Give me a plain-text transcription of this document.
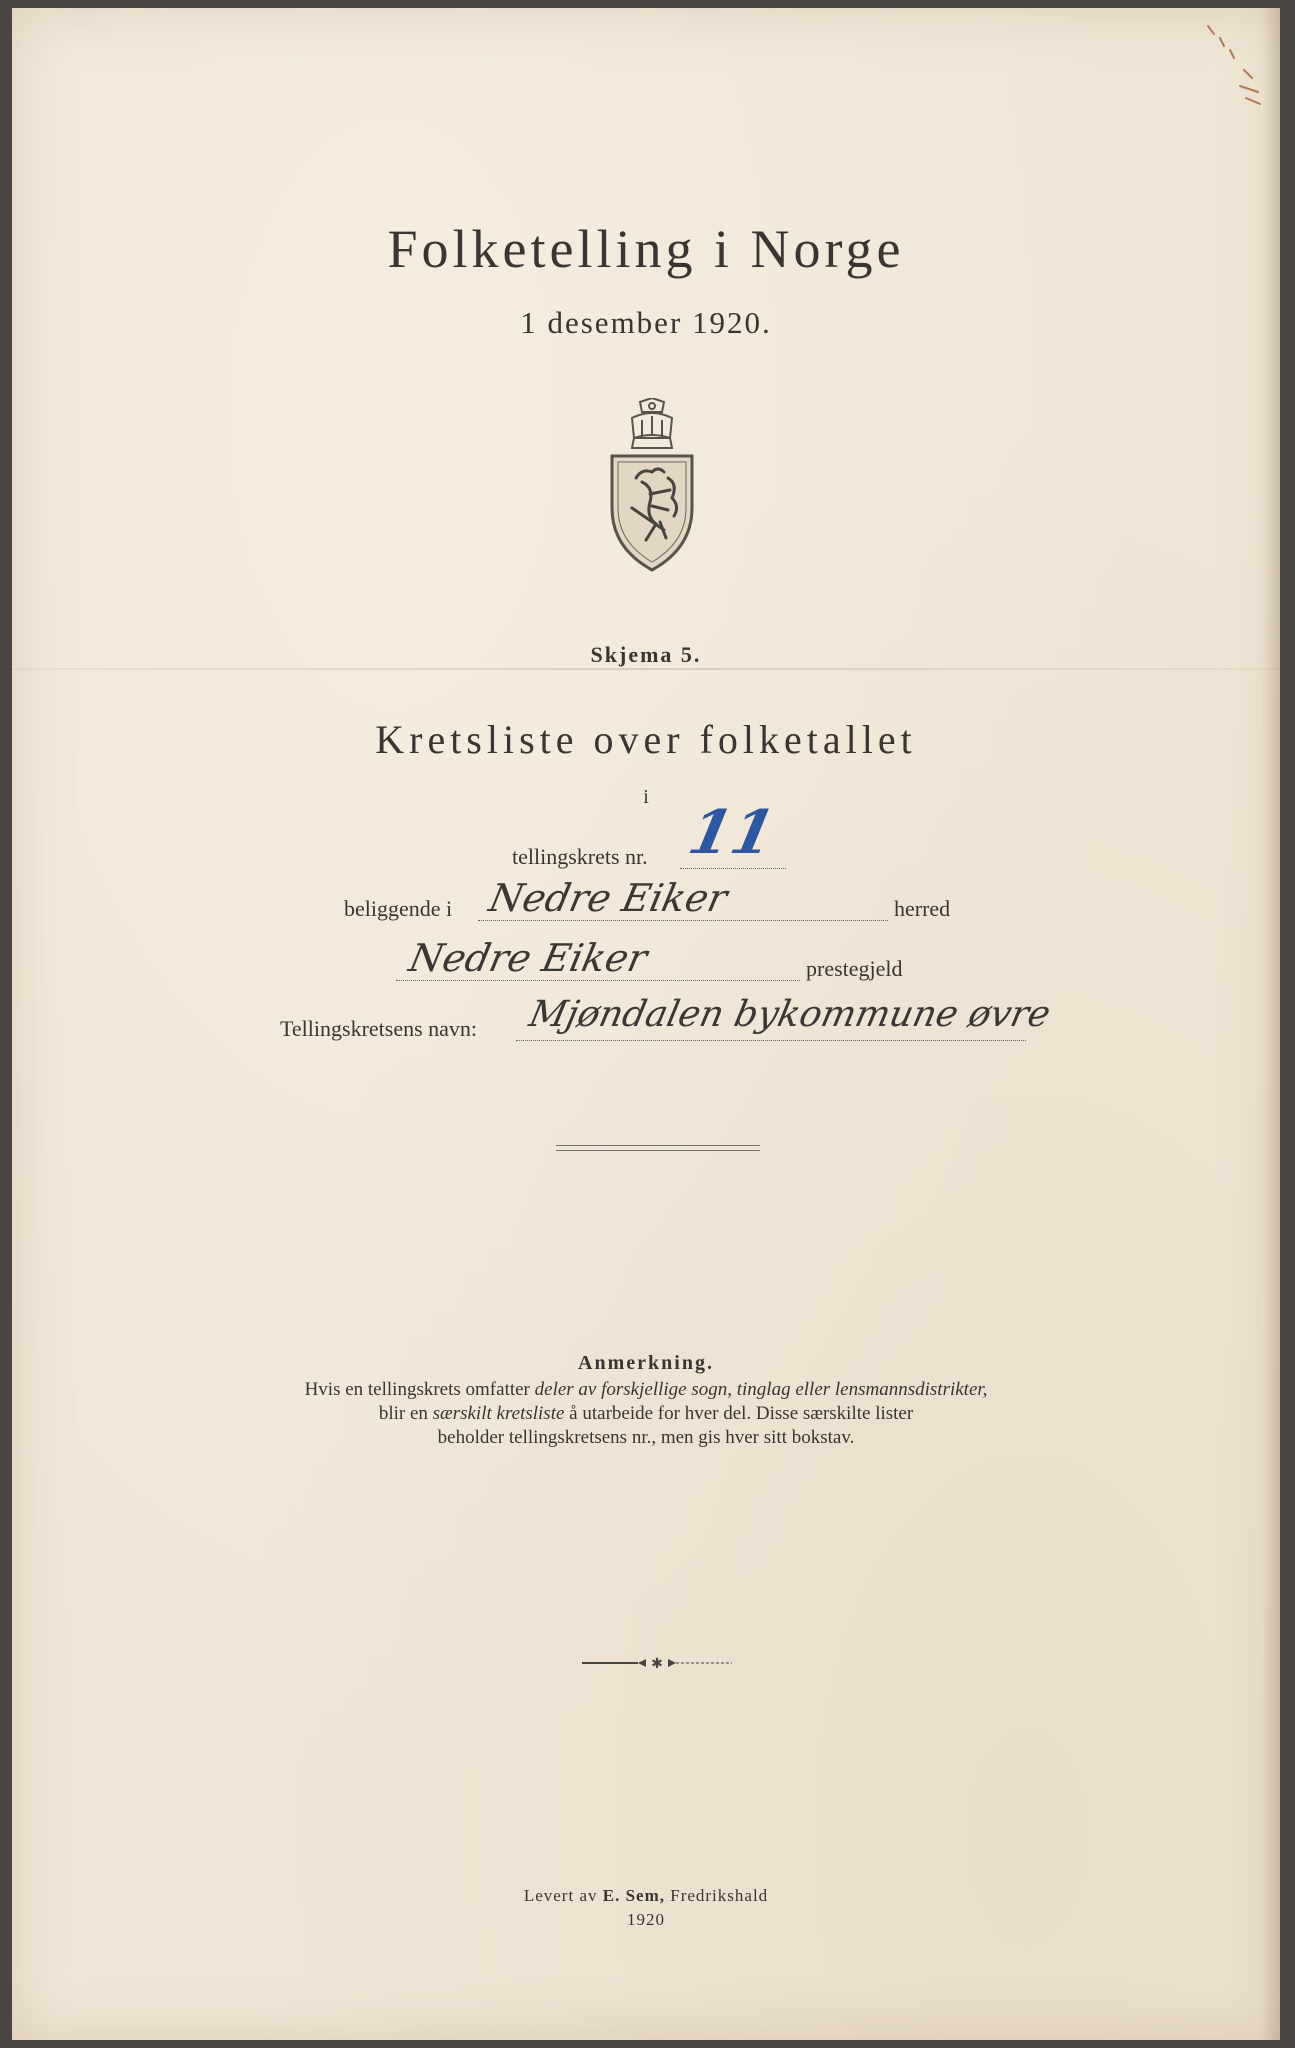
Folketelling i Norge
1 desember 1920.
Skjema 5.
Kretsliste over folketallet
i
tellingskrets nr. 11
beliggende i Nedre Eiker	herred
Nedre Eiker	prestegjeld
Tellingskretsens navn: Mjøndalen bykommune øvre
Anmerkning.
Hvis en tellingskrets omfatter deler av forskjellige sogn, tinglag eller lensmannsdistrikter,
blir en særskilt kretsliste å utarbeide for hver del. Disse særskilte lister
beholder tellingskretsens nr., men gis hver sitt bokstav.
✱
Levert av E. Sem, Fredrikshald
1920
